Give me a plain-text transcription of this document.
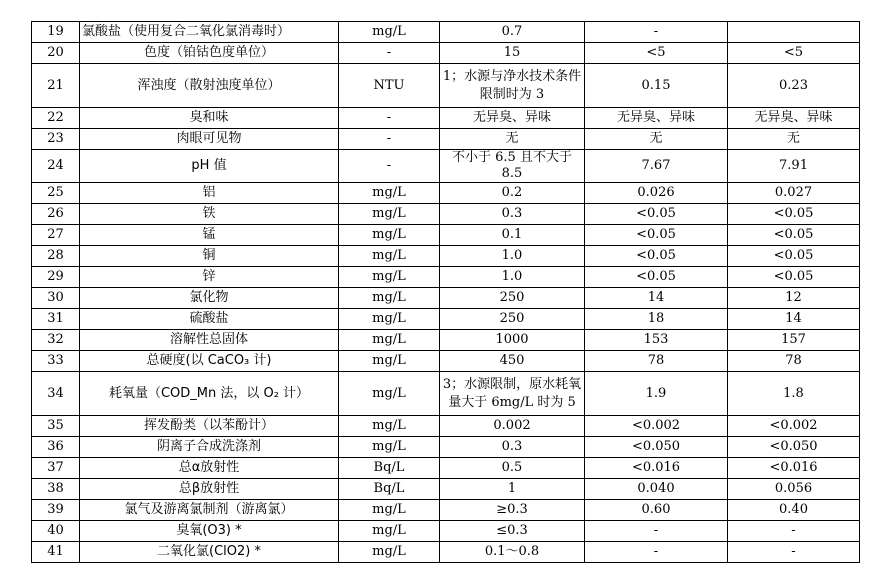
19	氯酸盐（使用复合二氧化氯消毒时）	mg/L	0.7	-	
20	色度（铂钴色度单位）	-	15	<5	<5
21	浑浊度（散射浊度单位）	NTU	1；水源与净水技术条件限制时为 3	0.15	0.23
22	臭和味	-	无异臭、异味	无异臭、异味	无异臭、异味
23	肉眼可见物	-	无	无	无
24	pH 值	-	不小于 6.5 且不大于 8.5	7.67	7.91
25	铝	mg/L	0.2	0.026	0.027
26	铁	mg/L	0.3	<0.05	<0.05
27	锰	mg/L	0.1	<0.05	<0.05
28	铜	mg/L	1.0	<0.05	<0.05
29	锌	mg/L	1.0	<0.05	<0.05
30	氯化物	mg/L	250	14	12
31	硫酸盐	mg/L	250	18	14
32	溶解性总固体	mg/L	1000	153	157
33	总硬度(以 CaCO₃ 计)	mg/L	450	78	78
34	耗氧量（COD_Mn 法，以 O₂ 计）	mg/L	3；水源限制，原水耗氧量大于 6mg/L 时为 5	1.9	1.8
35	挥发酚类（以苯酚计）	mg/L	0.002	<0.002	<0.002
36	阴离子合成洗涤剂	mg/L	0.3	<0.050	<0.050
37	总α放射性	Bq/L	0.5	<0.016	<0.016
38	总β放射性	Bq/L	1	0.040	0.056
39	氯气及游离氯制剂（游离氯）	mg/L	≥0.3	0.60	0.40
40	臭氧(O3) *	mg/L	≤0.3	-	-
41	二氧化氯(ClO2) *	mg/L	0.1～0.8	-	-
